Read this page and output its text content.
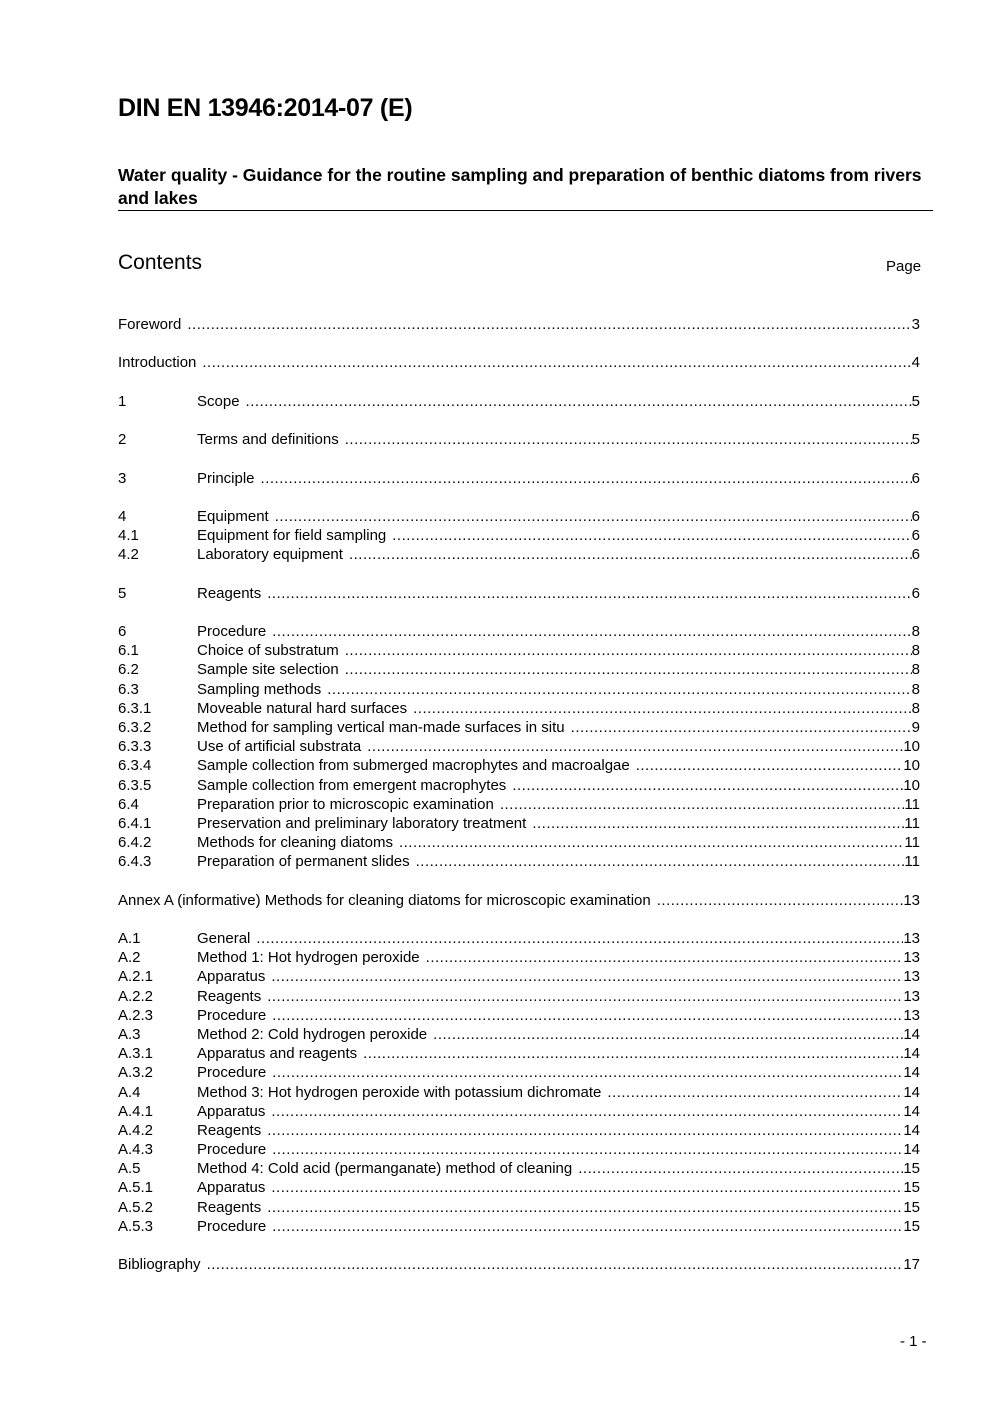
DIN EN 13946:2014-07 (E)
Water quality - Guidance for the routine sampling and preparation of benthic diatoms from rivers and lakes
Contents	Page
Foreword .....	3
Introduction .....	4
1	Scope .....	5
2	Terms and definitions .....	5
3	Principle .....	6
4	Equipment .....	6
4.1	Equipment for field sampling .....	6
4.2	Laboratory equipment .....	6
5	Reagents .....	6
6	Procedure .....	8
6.1	Choice of substratum .....	8
6.2	Sample site selection .....	8
6.3	Sampling methods .....	8
6.3.1	Moveable natural hard surfaces .....	8
6.3.2	Method for sampling vertical man-made surfaces in situ .....	9
6.3.3	Use of artificial substrata .....	10
6.3.4	Sample collection from submerged macrophytes and macroalgae .....	10
6.3.5	Sample collection from emergent macrophytes .....	10
6.4	Preparation prior to microscopic examination .....	11
6.4.1	Preservation and preliminary laboratory treatment .....	11
6.4.2	Methods for cleaning diatoms .....	11
6.4.3	Preparation of permanent slides .....	11
Annex A (informative) Methods for cleaning diatoms for microscopic examination .....	13
A.1	General .....	13
A.2	Method 1: Hot hydrogen peroxide .....	13
A.2.1	Apparatus .....	13
A.2.2	Reagents .....	13
A.2.3	Procedure .....	13
A.3	Method 2: Cold hydrogen peroxide .....	14
A.3.1	Apparatus and reagents .....	14
A.3.2	Procedure .....	14
A.4	Method 3: Hot hydrogen peroxide with potassium dichromate .....	14
A.4.1	Apparatus .....	14
A.4.2	Reagents .....	14
A.4.3	Procedure .....	14
A.5	Method 4: Cold acid (permanganate) method of cleaning .....	15
A.5.1	Apparatus .....	15
A.5.2	Reagents .....	15
A.5.3	Procedure .....	15
Bibliography .....	17
- 1 -
